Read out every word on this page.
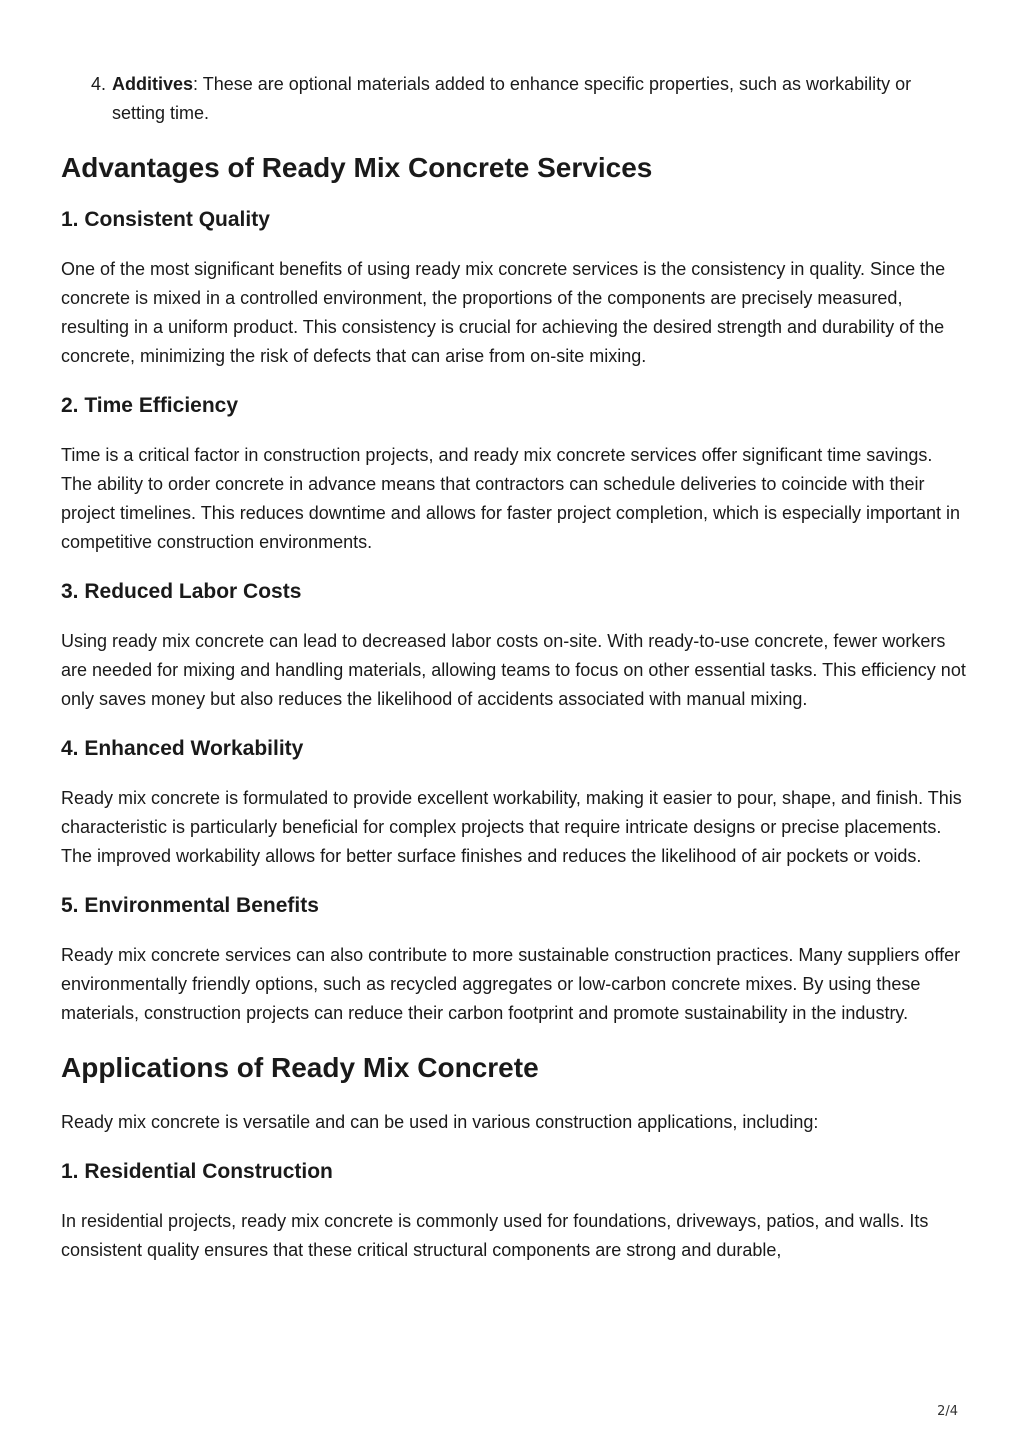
4. Additives: These are optional materials added to enhance specific properties, such as workability or setting time.
Advantages of Ready Mix Concrete Services
1. Consistent Quality

One of the most significant benefits of using ready mix concrete services is the consistency in quality. Since the concrete is mixed in a controlled environment, the proportions of the components are precisely measured, resulting in a uniform product. This consistency is crucial for achieving the desired strength and durability of the concrete, minimizing the risk of defects that can arise from on-site mixing.

2. Time Efficiency

Time is a critical factor in construction projects, and ready mix concrete services offer significant time savings. The ability to order concrete in advance means that contractors can schedule deliveries to coincide with their project timelines. This reduces downtime and allows for faster project completion, which is especially important in competitive construction environments.

3. Reduced Labor Costs

Using ready mix concrete can lead to decreased labor costs on-site. With ready-to-use concrete, fewer workers are needed for mixing and handling materials, allowing teams to focus on other essential tasks. This efficiency not only saves money but also reduces the likelihood of accidents associated with manual mixing.

4. Enhanced Workability

Ready mix concrete is formulated to provide excellent workability, making it easier to pour, shape, and finish. This characteristic is particularly beneficial for complex projects that require intricate designs or precise placements. The improved workability allows for better surface finishes and reduces the likelihood of air pockets or voids.

5. Environmental Benefits

Ready mix concrete services can also contribute to more sustainable construction practices. Many suppliers offer environmentally friendly options, such as recycled aggregates or low-carbon concrete mixes. By using these materials, construction projects can reduce their carbon footprint and promote sustainability in the industry.

Applications of Ready Mix Concrete

Ready mix concrete is versatile and can be used in various construction applications, including:

1. Residential Construction

In residential projects, ready mix concrete is commonly used for foundations, driveways, patios, and walls. Its consistent quality ensures that these critical structural components are strong and durable,

2/4
